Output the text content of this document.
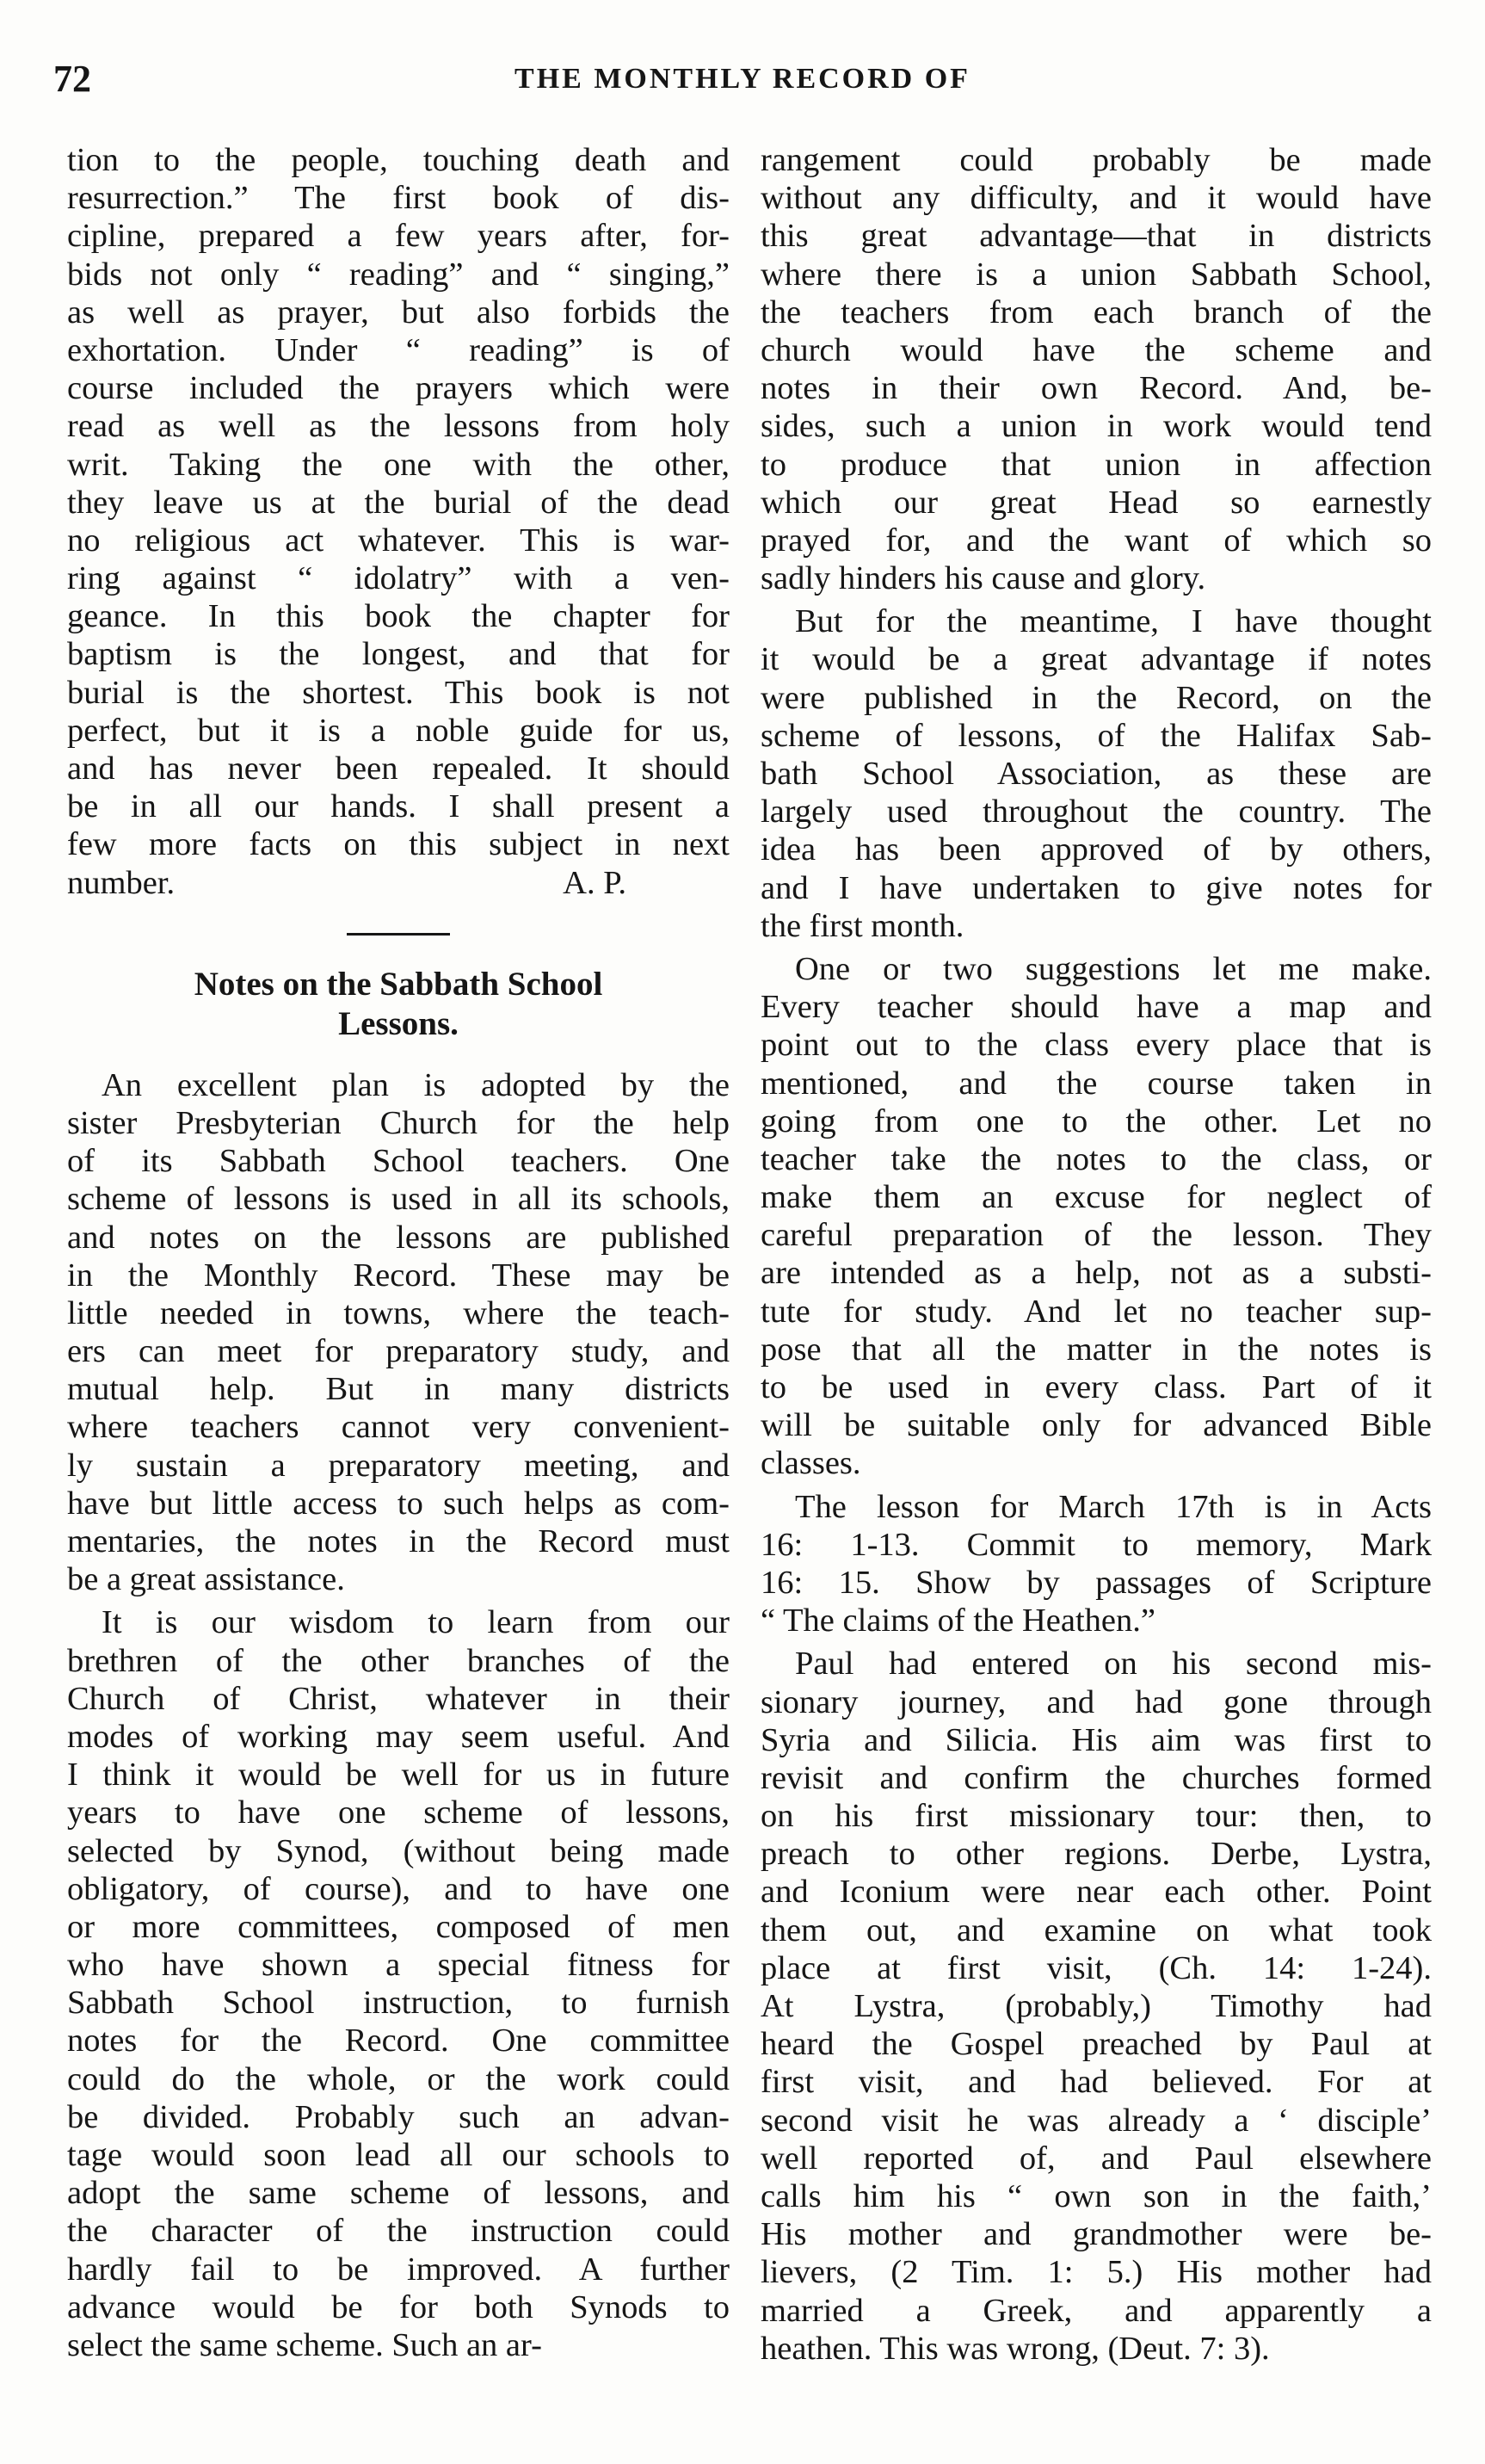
72	THE MONTHLY RECORD OF
tion to the people, touching death and
resurrection.” The first book of dis-
cipline, prepared a few years after, for-
bids not only “ reading” and “ singing,”
as well as prayer, but also forbids the
exhortation. Under “ reading” is of
course included the prayers which were
read as well as the lessons from holy
writ. Taking the one with the other,
they leave us at the burial of the dead
no religious act whatever. This is war-
ring against “ idolatry” with a ven-
geance. In this book the chapter for
baptism is the longest, and that for
burial is the shortest. This book is not
perfect, but it is a noble guide for us,
and has never been repealed. It should
be in all our hands. I shall present a
few more facts on this subject in next
number.	A. P.
Notes on the Sabbath School
Lessons.
An excellent plan is adopted by the
sister Presbyterian Church for the help
of its Sabbath School teachers. One
scheme of lessons is used in all its schools,
and notes on the lessons are published
in the Monthly Record. These may be
little needed in towns, where the teach-
ers can meet for preparatory study, and
mutual help. But in many districts
where teachers cannot very convenient-
ly sustain a preparatory meeting, and
have but little access to such helps as com-
mentaries, the notes in the Record must
be a great assistance.
It is our wisdom to learn from our
brethren of the other branches of the
Church of Christ, whatever in their
modes of working may seem useful. And
I think it would be well for us in future
years to have one scheme of lessons,
selected by Synod, (without being made
obligatory, of course), and to have one
or more committees, composed of men
who have shown a special fitness for
Sabbath School instruction, to furnish
notes for the Record. One committee
could do the whole, or the work could
be divided. Probably such an advan-
tage would soon lead all our schools to
adopt the same scheme of lessons, and
the character of the instruction could
hardly fail to be improved. A further
advance would be for both Synods to
select the same scheme. Such an ar-
rangement could probably be made
without any difficulty, and it would have
this great advantage—that in districts
where there is a union Sabbath School,
the teachers from each branch of the
church would have the scheme and
notes in their own Record. And, be-
sides, such a union in work would tend
to produce that union in affection
which our great Head so earnestly
prayed for, and the want of which so
sadly hinders his cause and glory.
But for the meantime, I have thought
it would be a great advantage if notes
were published in the Record, on the
scheme of lessons, of the Halifax Sab-
bath School Association, as these are
largely used throughout the country. The
idea has been approved of by others,
and I have undertaken to give notes for
the first month.
One or two suggestions let me make.
Every teacher should have a map and
point out to the class every place that is
mentioned, and the course taken in
going from one to the other. Let no
teacher take the notes to the class, or
make them an excuse for neglect of
careful preparation of the lesson. They
are intended as a help, not as a substi-
tute for study. And let no teacher sup-
pose that all the matter in the notes is
to be used in every class. Part of it
will be suitable only for advanced Bible
classes.
The lesson for March 17th is in Acts
16: 1-13. Commit to memory, Mark
16: 15. Show by passages of Scripture
“ The claims of the Heathen.”
Paul had entered on his second mis-
sionary journey, and had gone through
Syria and Silicia. His aim was first to
revisit and confirm the churches formed
on his first missionary tour: then, to
preach to other regions. Derbe, Lystra,
and Iconium were near each other. Point
them out, and examine on what took
place at first visit, (Ch. 14: 1-24).
At Lystra, (probably,) Timothy had
heard the Gospel preached by Paul at
first visit, and had believed. For at
second visit he was already a ‘ disciple’
well reported of, and Paul elsewhere
calls him his “ own son in the faith,’
His mother and grandmother were be-
lievers, (2 Tim. 1: 5.) His mother had
married a Greek, and apparently a
heathen. This was wrong, (Deut. 7: 3).
